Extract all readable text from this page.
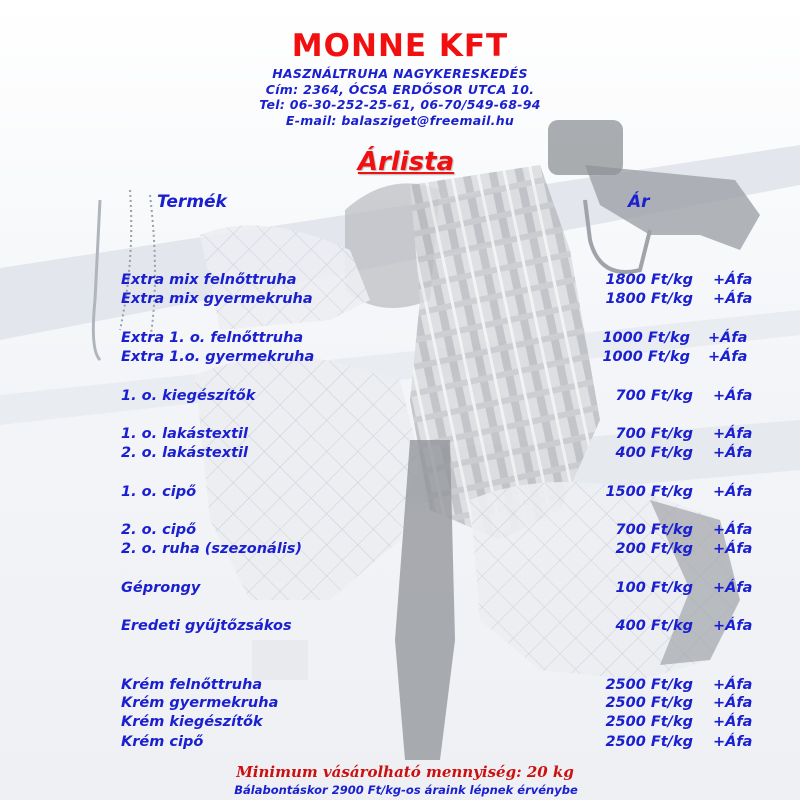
MONNE KFT
HASZNÁLTRUHA NAGYKERESKEDÉS
Cím: 2364, ÓCSA ERDŐSOR UTCA 10.
Tel: 06-30-252-25-61, 06-70/549-68-94
E-mail: balasziget@freemail.hu
Árlista
Termék	Ár
Extra mix felnőttruha	1800 Ft/kg +Áfa
Extra mix gyermekruha	1800 Ft/kg +Áfa
Extra 1. o. felnőttruha	1000 Ft/kg +Áfa
Extra 1.o. gyermekruha	1000 Ft/kg +Áfa
1. o. kiegészítők	700 Ft/kg +Áfa
1. o. lakástextil	700 Ft/kg +Áfa
2. o. lakástextil	400 Ft/kg +Áfa
1. o. cipő	1500 Ft/kg +Áfa
2. o. cipő	700 Ft/kg +Áfa
2. o. ruha (szezonális)	200 Ft/kg +Áfa
Géprongy	100 Ft/kg +Áfa
Eredeti gyűjtőzsákos	400 Ft/kg +Áfa
Krém felnőttruha	2500 Ft/kg +Áfa
Krém gyermekruha	2500 Ft/kg +Áfa
Krém kiegészítők	2500 Ft/kg +Áfa
Krém cipő	2500 Ft/kg +Áfa
Minimum vásárolható mennyiség: 20 kg
Bálabontáskor 2900 Ft/kg-os áraink lépnek érvénybe
